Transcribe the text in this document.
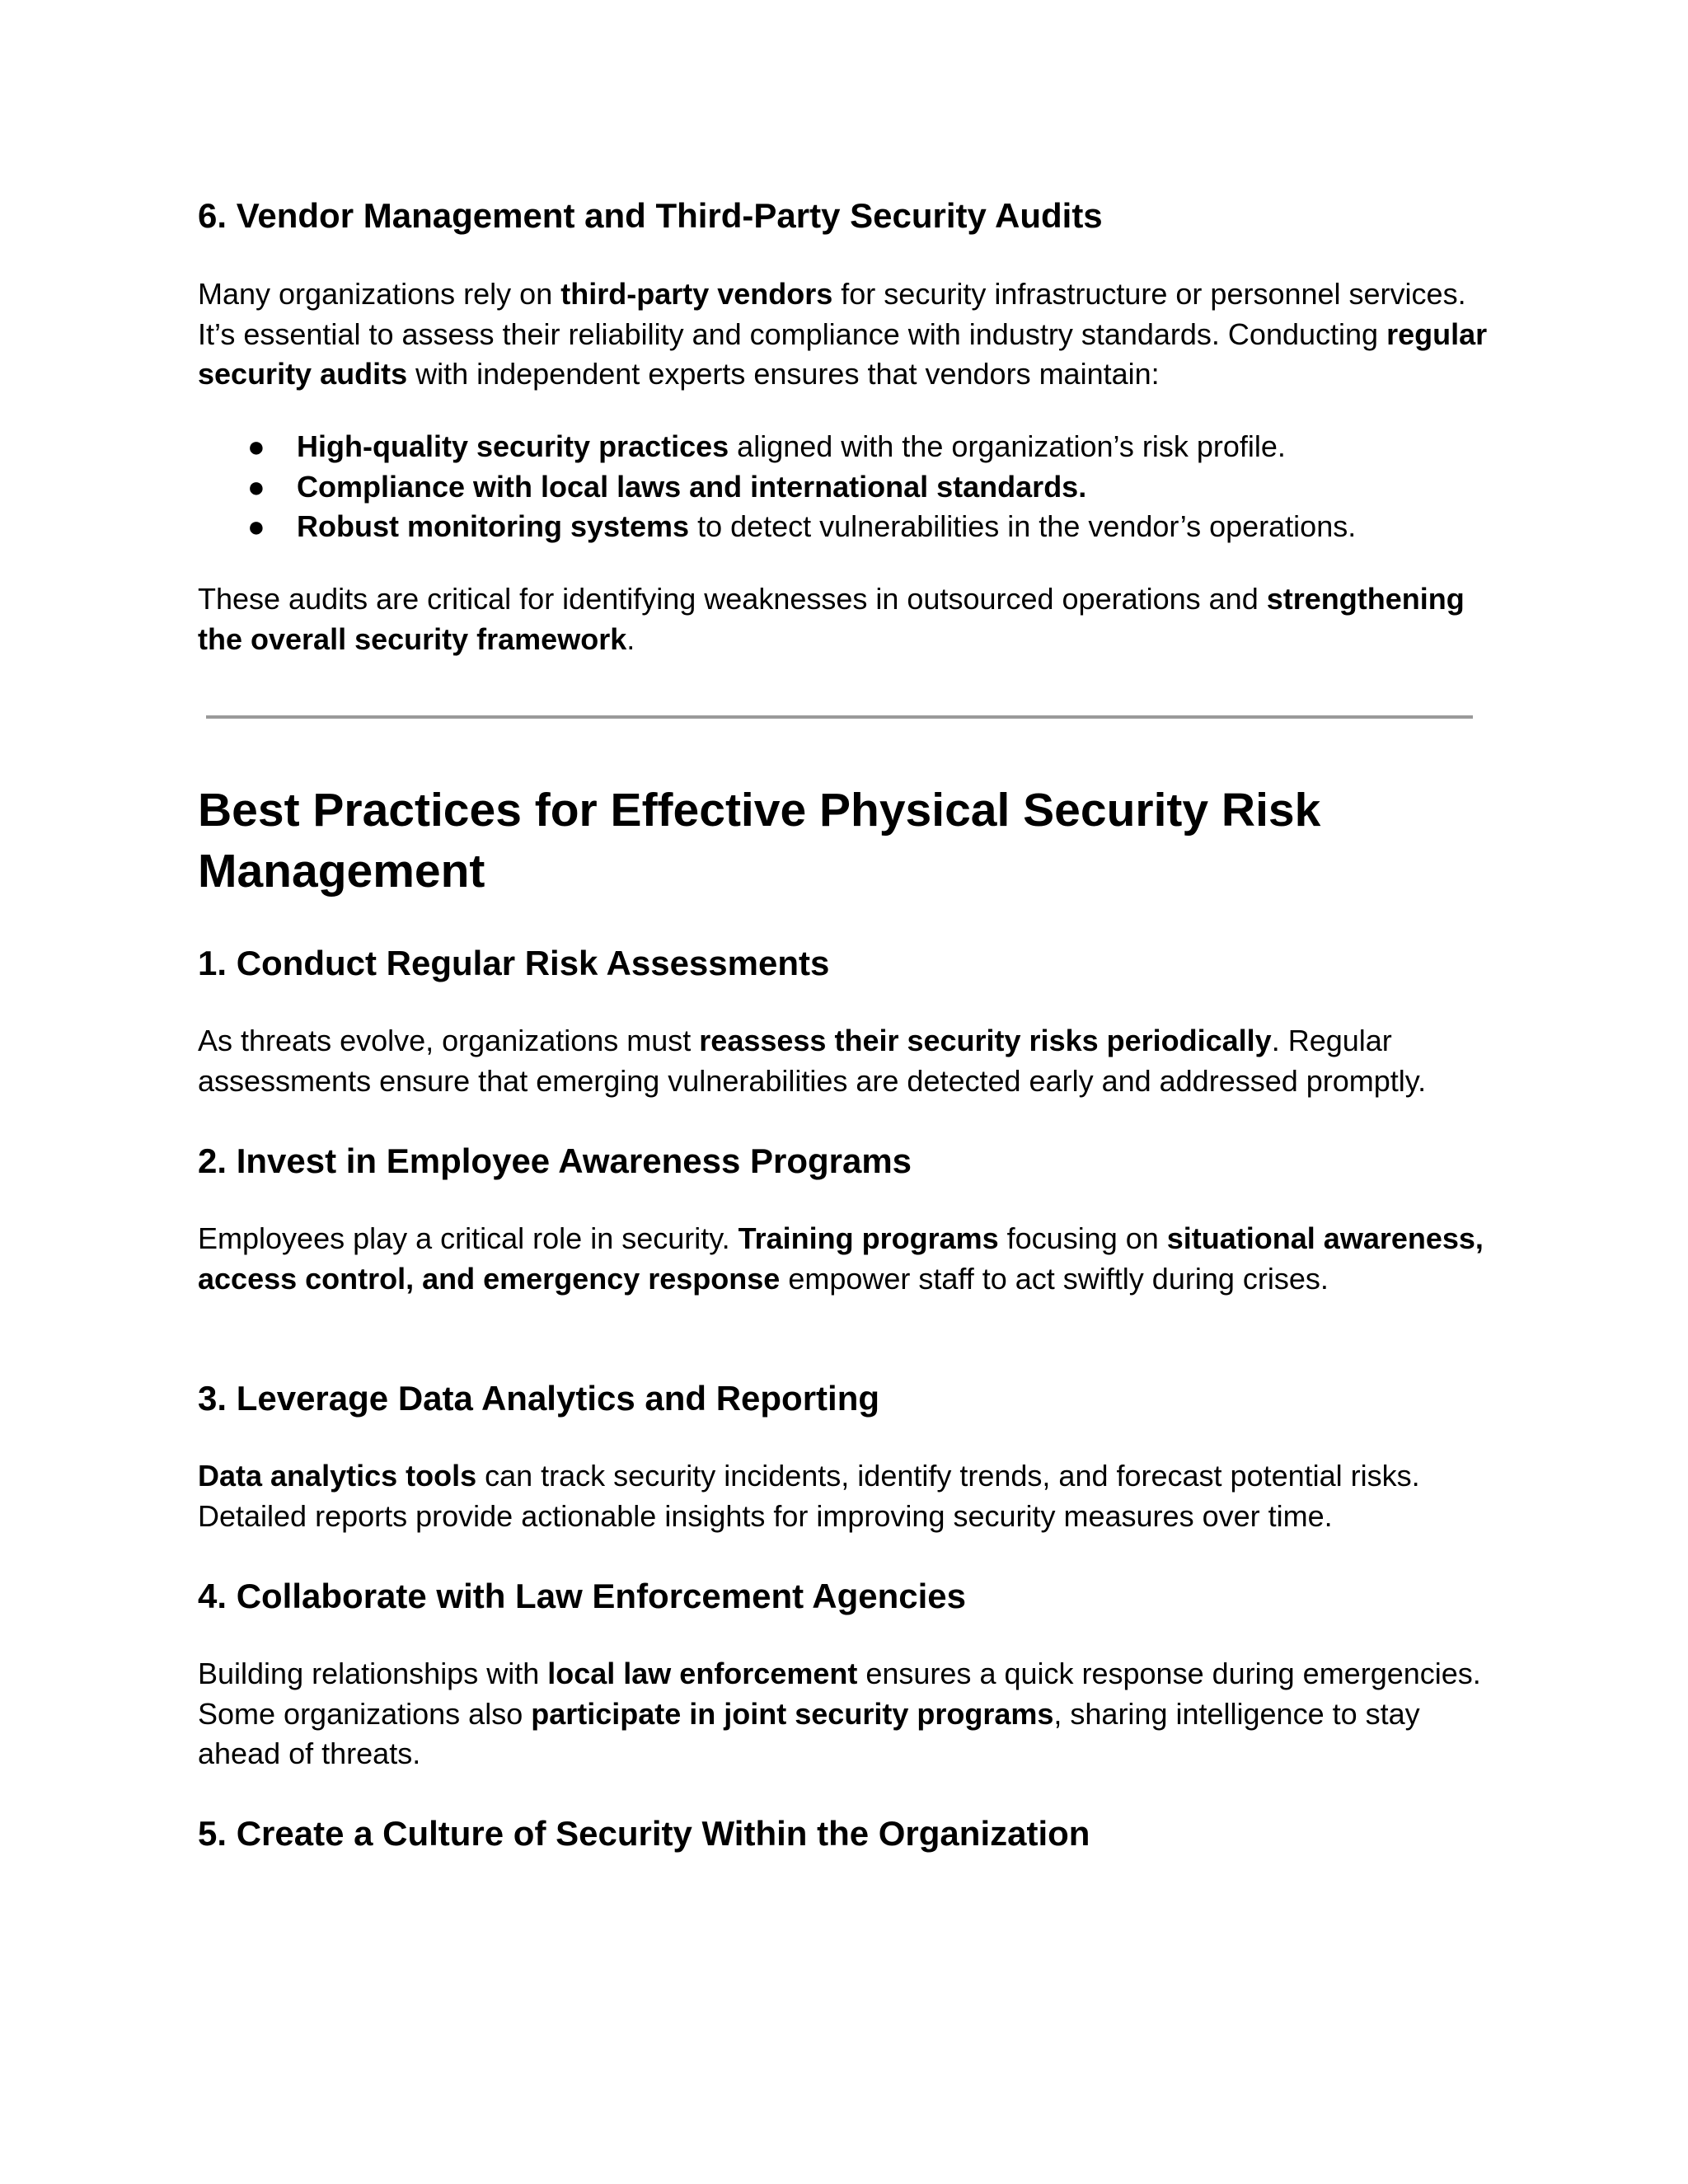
6. Vendor Management and Third-Party Security Audits

Many organizations rely on third-party vendors for security infrastructure or personnel services. It’s essential to assess their reliability and compliance with industry standards. Conducting regular security audits with independent experts ensures that vendors maintain:

● High-quality security practices aligned with the organization’s risk profile.
● Compliance with local laws and international standards.
● Robust monitoring systems to detect vulnerabilities in the vendor’s operations.

These audits are critical for identifying weaknesses in outsourced operations and strengthening the overall security framework.

Best Practices for Effective Physical Security Risk Management
1. Conduct Regular Risk Assessments

As threats evolve, organizations must reassess their security risks periodically. Regular assessments ensure that emerging vulnerabilities are detected early and addressed promptly.

2. Invest in Employee Awareness Programs

Employees play a critical role in security. Training programs focusing on situational awareness, access control, and emergency response empower staff to act swiftly during crises.

3. Leverage Data Analytics and Reporting

Data analytics tools can track security incidents, identify trends, and forecast potential risks. Detailed reports provide actionable insights for improving security measures over time.

4. Collaborate with Law Enforcement Agencies

Building relationships with local law enforcement ensures a quick response during emergencies. Some organizations also participate in joint security programs, sharing intelligence to stay ahead of threats.

5. Create a Culture of Security Within the Organization
